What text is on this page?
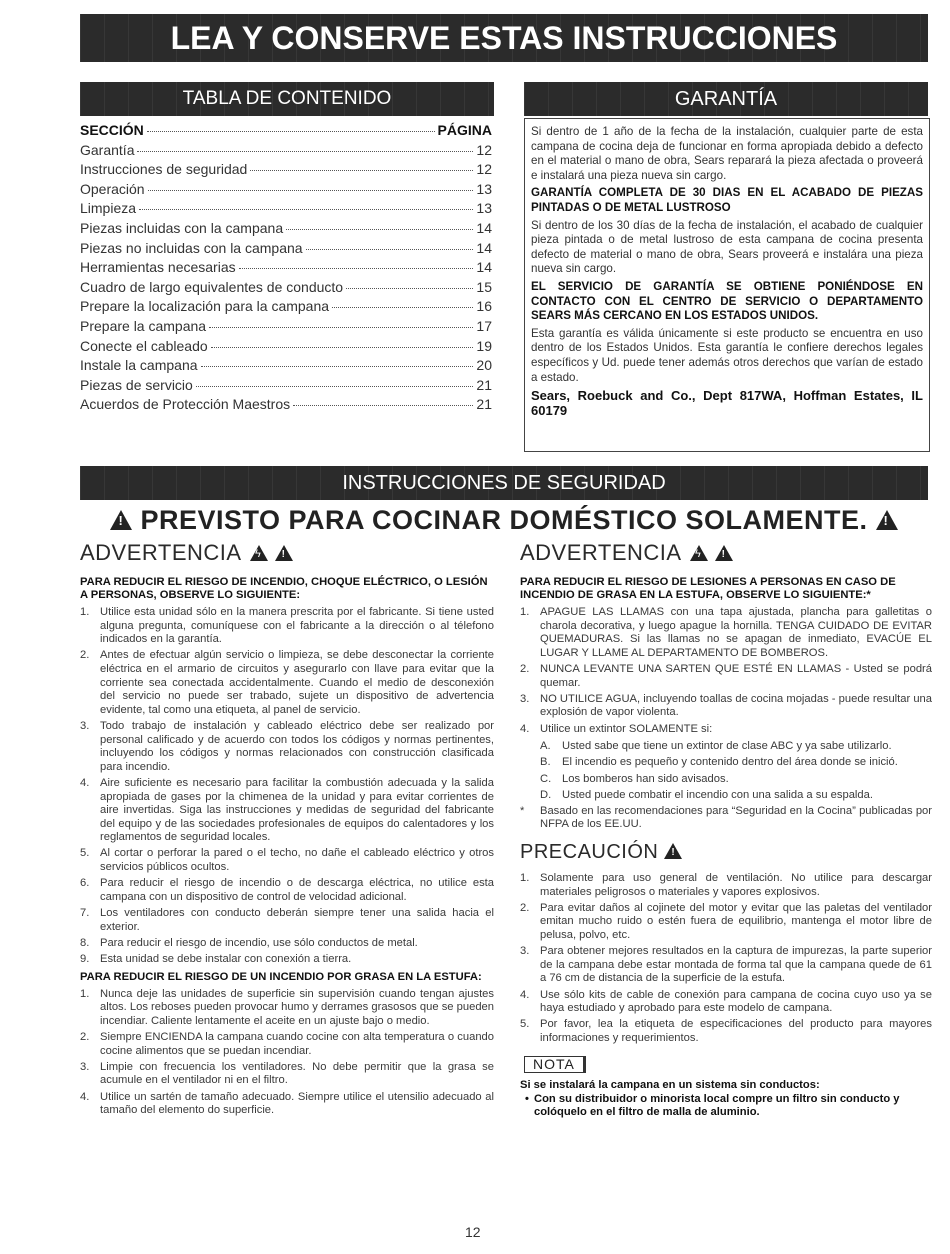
LEA Y CONSERVE ESTAS INSTRUCCIONES
TABLA DE CONTENIDO	GARANTÍA
SECCIÓN	PÁGINA
Garantía	12
Instrucciones de seguridad	12
Operación	13
Limpieza	13
Piezas incluidas con la campana	14
Piezas no incluidas con la campana	14
Herramientas necesarias	14
Cuadro de largo equivalentes de conducto	15
Prepare la localización para la campana	16
Prepare la campana	17
Conecte el cableado	19
Instale la campana	20
Piezas de servicio	21
Acuerdos de Protección Maestros	21

Si dentro de 1 año de la fecha de la instalación, cualquier parte de esta campana de cocina deja de funcionar en forma apropiada debido a defecto en el material o mano de obra, Sears reparará la pieza afectada o proveerá e instalará una pieza nueva sin cargo.

GARANTÍA COMPLETA DE 30 DIAS EN EL ACABADO DE PIEZAS PINTADAS O DE METAL LUSTROSO

Si dentro de los 30 días de la fecha de instalación, el acabado de cualquier pieza pintada o de metal lustroso de esta campana de cocina presenta defecto de material o mano de obra, Sears proveerá e instalára una pieza nueva sin cargo.

EL SERVICIO DE GARANTÍA SE OBTIENE PONIÉNDOSE EN CONTACTO CON EL CENTRO DE SERVICIO O DEPARTAMENTO SEARS MÁS CERCANO EN LOS ESTADOS UNIDOS.

Esta garantía es válida únicamente si este producto se encuentra en uso dentro de los Estados Unidos. Esta garantía le confiere derechos legales específicos y Ud. puede tener además otros derechos que varían de estado a estado.

Sears, Roebuck and Co., Dept 817WA, Hoffman Estates, IL 60179

INSTRUCCIONES DE SEGURIDAD
! PREVISTO PARA COCINAR DOMÉSTICO SOLAMENTE. !
ADVERTENCIA ϟ !
PARA REDUCIR EL RIESGO DE INCENDIO, CHOQUE ELÉCTRICO, O LESIÓN A PERSONAS, OBSERVE LO SIGUIENTE:
1. Utilice esta unidad sólo en la manera prescrita por el fabricante. Si tiene usted alguna pregunta, comuníquese con el fabricante a la dirección o al télefono indicados en la garantía.
2. Antes de efectuar algún servicio o limpieza, se debe desconectar la corriente eléctrica en el armario de circuitos y asegurarlo con llave para evitar que la corriente sea conectada accidentalmente. Cuando el medio de desconexión del servicio no puede ser trabado, sujete un dispositivo de advertencia evidente, tal como una etiqueta, al panel de servicio.
3. Todo trabajo de instalación y cableado eléctrico debe ser realizado por personal calificado y de acuerdo con todos los códigos y normas pertinentes, incluyendo los códigos y normas relacionados con construcción clasificada para incendio.
4. Aire suficiente es necesario para facilitar la combustión adecuada y la salida apropiada de gases por la chimenea de la unidad y para evitar corrientes de aire invertidas. Siga las instrucciones y medidas de seguridad del fabricante del equipo y de las sociedades profesionales de equipos do calentadores y los reglamentos de seguridad locales.
5. Al cortar o perforar la pared o el techo, no dañe el cableado eléctrico y otros servicios públicos ocultos.
6. Para reducir el riesgo de incendio o de descarga eléctrica, no utilice esta campana con un dispositivo de control de velocidad adicional.
7. Los ventiladores con conducto deberán siempre tener una salida hacia el exterior.
8. Para reducir el riesgo de incendio, use sólo conductos de metal.
9. Esta unidad se debe instalar con conexión a tierra.
PARA REDUCIR EL RIESGO DE UN INCENDIO POR GRASA EN LA ESTUFA:
1. Nunca deje las unidades de superficie sin supervisión cuando tengan ajustes altos. Los reboses pueden provocar humo y derrames grasosos que se pueden incendiar. Caliente lentamente el aceite en un ajuste bajo o medio.
2. Siempre ENCIENDA la campana cuando cocine con alta temperatura o cuando cocine alimentos que se puedan incendiar.
3. Limpie con frecuencia los ventiladores. No debe permitir que la grasa se acumule en el ventilador ni en el filtro.
4. Utilice un sartén de tamaño adecuado. Siempre utilice el utensilio adecuado al tamaño del elemento do superficie.
ADVERTENCIA ϟ !
PARA REDUCIR EL RIESGO DE LESIONES A PERSONAS EN CASO DE INCENDIO DE GRASA EN LA ESTUFA, OBSERVE LO SIGUIENTE:*
1. APAGUE LAS LLAMAS con una tapa ajustada, plancha para galletitas o charola decorativa, y luego apague la hornilla. TENGA CUIDADO DE EVITAR QUEMADURAS. Si las llamas no se apagan de inmediato, EVACÚE EL LUGAR Y LLAME AL DEPARTAMENTO DE BOMBEROS.
2. NUNCA LEVANTE UNA SARTEN QUE ESTÉ EN LLAMAS - Usted se podrá quemar.
3. NO UTILICE AGUA, incluyendo toallas de cocina mojadas - puede resultar una explosión de vapor violenta.
4. Utilice un extintor SOLAMENTE si:
A.	Usted sabe que tiene un extintor de clase ABC y ya sabe utilizarlo.
B.	El incendio es pequeño y contenido dentro del área donde se inició.
C. Los bomberos han sido avisados.
D. Usted puede combatir el incendio con una salida a su espalda.
*	Basado en las recomendaciones para “Seguridad en la Cocina” publicadas por NFPA de los EE.UU.
PRECAUCIÓN !
1. Solamente para uso general de ventilación. No utilice para descargar materiales peligrosos o materiales y vapores explosivos.
2. Para evitar daños al cojinete del motor y evitar que las paletas del ventilador emitan mucho ruido o estén fuera de equilibrio, mantenga el motor libre de pelusa, polvo, etc.
3. Para obtener mejores resultados en la captura de impurezas, la parte superior de la campana debe estar montada de forma tal que la campana quede de 61 a 76 cm de distancia de la superficie de la estufa.
4. Use sólo kits de cable de conexión para campana de cocina cuyo uso ya se haya estudiado y aprobado para este modelo de campana.
5. Por favor, lea la etiqueta de especificaciones del producto para mayores informaciones y requerimientos.
NOTA
Si se instalará la campana en un sistema sin conductos:
• Con su distribuidor o minorista local compre un filtro sin conducto y colóquelo en el filtro de malla de aluminio.
12
